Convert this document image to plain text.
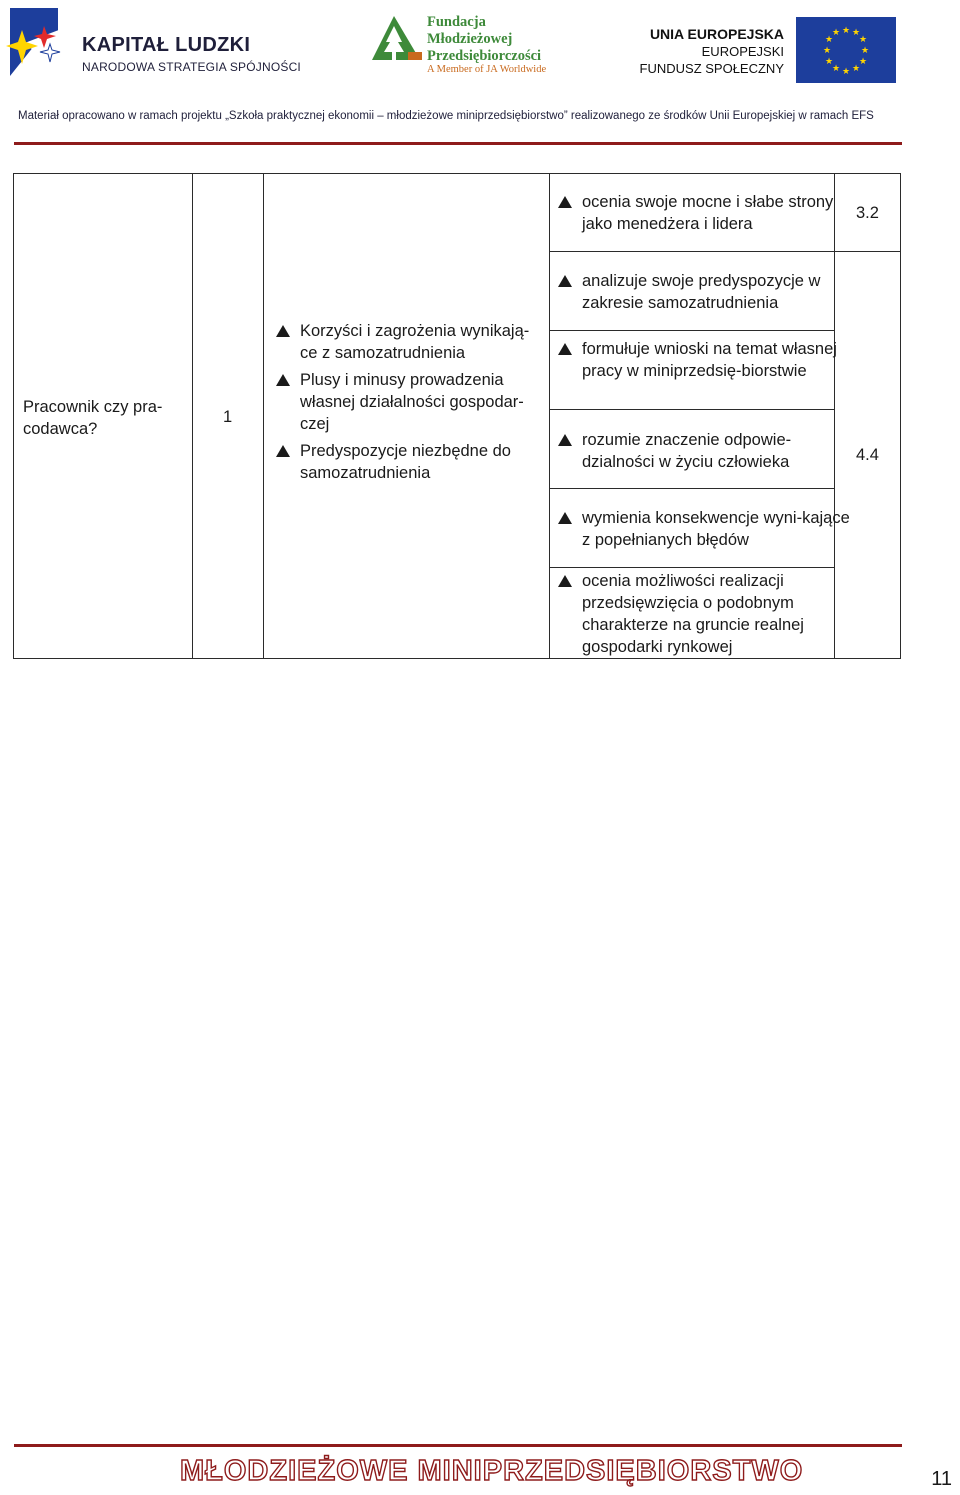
KAPITAŁ LUDZKI
NARODOWA STRATEGIA SPÓJNOŚCI
Fundacja
Młodzieżowej
Przedsiębiorczości
A Member of JA Worldwide
UNIA EUROPEJSKA
EUROPEJSKI
FUNDUSZ SPOŁECZNY
★ ★
★
★
★
★
★
★
★
★
★
★
Materiał opracowano w ramach projektu „Szkoła praktycznej ekonomii – młodzieżowe miniprzedsiębiorstwo” realizowanego ze środków Unii Europejskiej w ramach EFS
Pracownik czy pra-codawca?
1
Korzyści i zagrożenia wynikają-ce z samozatrudnienia
Plusy i minusy prowadzenia własnej działalności gospodar-czej
Predyspozycje niezbędne do samozatrudnienia
ocenia swoje mocne i słabe strony jako menedżera i lidera
analizuje swoje predyspozycje w zakresie samozatrudnienia
formułuje wnioski na temat własnej pracy w miniprzedsię-biorstwie
rozumie znaczenie odpowie-dzialności w życiu człowieka
wymienia konsekwencje wyni-kające z popełnianych błędów
ocenia możliwości realizacji przedsięwzięcia o podobnym charakterze na gruncie realnej gospodarki rynkowej
3.2
4.4
MŁODZIEŻOWE MINIPRZEDSIĘBIORSTWO	11
